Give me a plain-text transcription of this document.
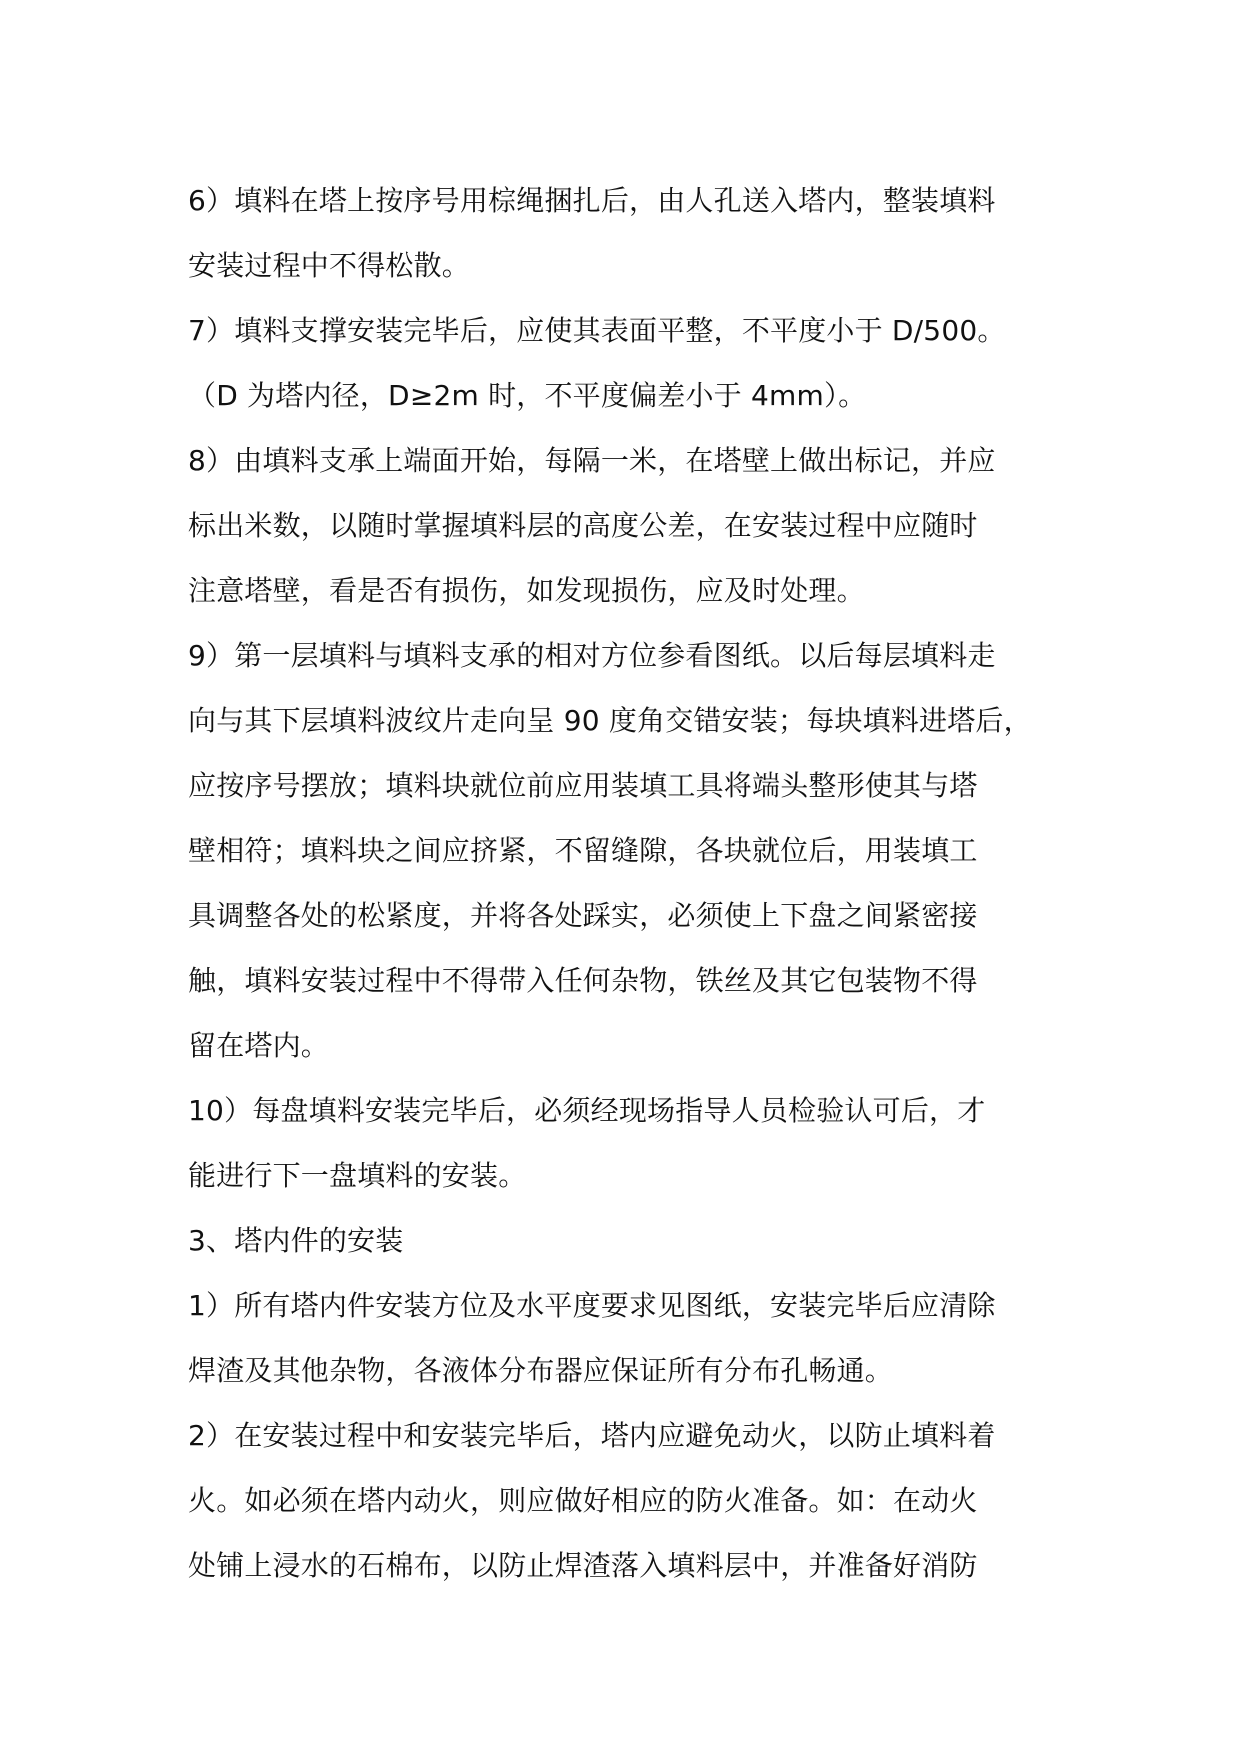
6）填料在塔上按序号用棕绳捆扎后，由人孔送入塔内，整装填料
安装过程中不得松散。
7）填料支撑安装完毕后，应使其表面平整，不平度小于 D/500。
（D 为塔内径，D≥2m 时，不平度偏差小于 4mm）。
8）由填料支承上端面开始，每隔一米，在塔壁上做出标记，并应
标出米数，以随时掌握填料层的高度公差，在安装过程中应随时
注意塔壁，看是否有损伤，如发现损伤，应及时处理。
9）第一层填料与填料支承的相对方位参看图纸。以后每层填料走
向与其下层填料波纹片走向呈 90 度角交错安装；每块填料进塔后，
应按序号摆放；填料块就位前应用装填工具将端头整形使其与塔
壁相符；填料块之间应挤紧，不留缝隙，各块就位后，用装填工
具调整各处的松紧度，并将各处踩实，必须使上下盘之间紧密接
触，填料安装过程中不得带入任何杂物，铁丝及其它包装物不得
留在塔内。
10）每盘填料安装完毕后，必须经现场指导人员检验认可后，才
能进行下一盘填料的安装。
3、塔内件的安装
1）所有塔内件安装方位及水平度要求见图纸，安装完毕后应清除
焊渣及其他杂物，各液体分布器应保证所有分布孔畅通。
2）在安装过程中和安装完毕后，塔内应避免动火，以防止填料着
火。如必须在塔内动火，则应做好相应的防火准备。如：在动火
处铺上浸水的石棉布，以防止焊渣落入填料层中，并准备好消防
